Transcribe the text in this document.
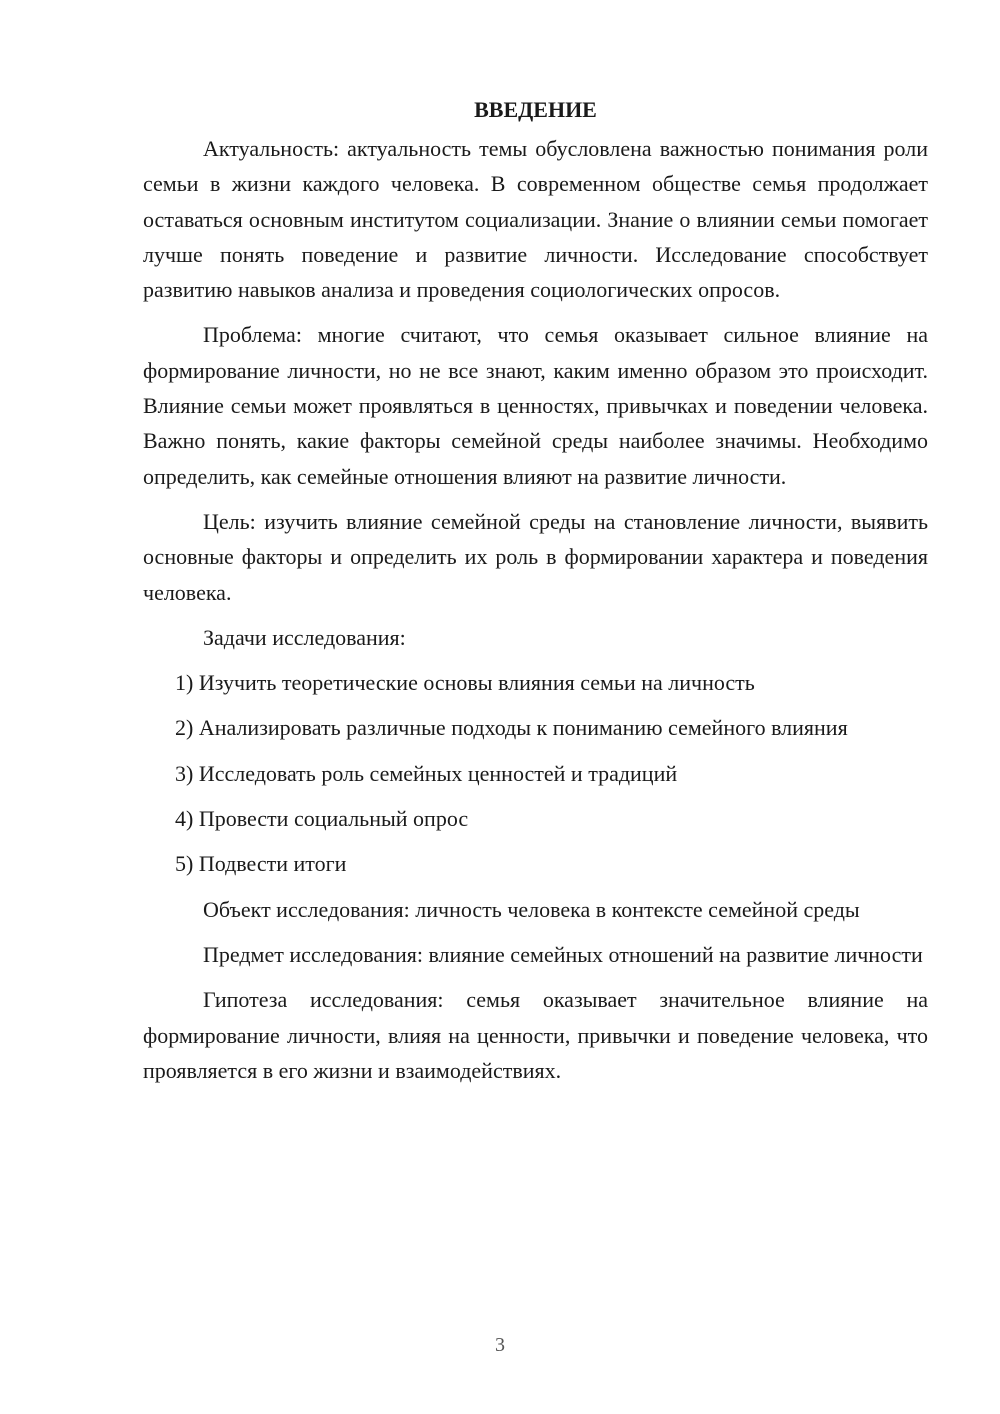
ВВЕДЕНИЕ

Актуальность: актуальность темы обусловлена важностью понимания роли семьи в жизни каждого человека. В современном обществе семья продолжает оставаться основным институтом социализации. Знание о влиянии семьи помогает лучше понять поведение и развитие личности. Исследование способствует развитию навыков анализа и проведения социологических опросов.

Проблема: многие считают, что семья оказывает сильное влияние на формирование личности, но не все знают, каким именно образом это происходит. Влияние семьи может проявляться в ценностях, привычках и поведении человека. Важно понять, какие факторы семейной среды наиболее значимы. Необходимо определить, как семейные отношения влияют на развитие личности.

Цель: изучить влияние семейной среды на становление личности, выявить основные факторы и определить их роль в формировании характера и поведения человека.

Задачи исследования:

1) Изучить теоретические основы влияния семьи на личность

2) Анализировать различные подходы к пониманию семейного влияния

3) Исследовать роль семейных ценностей и традиций

4) Провести социальный опрос

5) Подвести итоги

Объект исследования: личность человека в контексте семейной среды

Предмет исследования: влияние семейных отношений на развитие личности

Гипотеза исследования: семья оказывает значительное влияние на формирование личности, влияя на ценности, привычки и поведение человека, что проявляется в его жизни и взаимодействиях.

3
